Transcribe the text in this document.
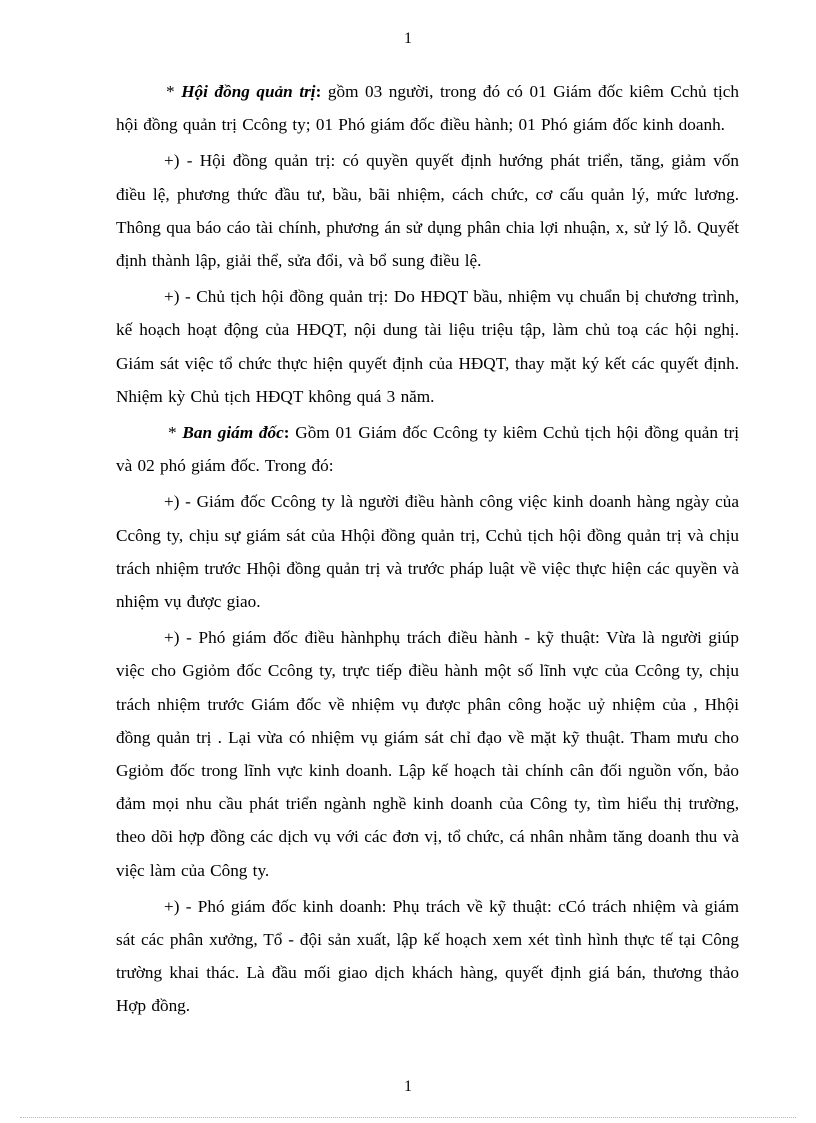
1

* Hội đồng quản trị: gồm 03 người, trong đó có 01 Giám đốc kiêm Cchủ tịch hội đồng quản trị Ccông ty; 01 Phó giám đốc điều hành; 01 Phó giám đốc kinh doanh.

+) - Hội đồng quản trị: có quyền quyết định hướng phát triển, tăng, giảm vốn điều lệ, phương thức đầu tư, bầu, bãi nhiệm, cách chức, cơ cấu quản lý, mức lương. Thông qua báo cáo tài chính, phương án sử dụng phân chia lợi nhuận, x, sử lý lỗ. Quyết định thành lập, giải thể, sửa đổi, và bổ sung điều lệ.

+) - Chủ tịch hội đồng quản trị: Do HĐQT bầu, nhiệm vụ chuẩn bị chương trình, kế hoạch hoạt động của HĐQT, nội dung tài liệu triệu tập, làm chủ toạ các hội nghị. Giám sát việc tổ chức thực hiện quyết định của HĐQT, thay mặt ký kết các quyết định. Nhiệm kỳ Chủ tịch HĐQT không quá 3 năm.

* Ban giám đốc: Gồm 01 Giám đốc Ccông ty kiêm Cchủ tịch hội đồng quản trị và 02 phó giám đốc. Trong đó:

+) - Giám đốc Ccông ty là người điều hành công việc kinh doanh hàng ngày của Ccông ty, chịu sự giám sát của Hhội đồng quản trị, Cchủ tịch hội đồng quản trị và chịu trách nhiệm trước Hhội đồng quản trị và trước pháp luật về việc thực hiện các quyền và nhiệm vụ được giao.

+) - Phó giám đốc điều hànhphụ trách điều hành - kỹ thuật: Vừa là người giúp việc cho Ggiỏm đốc Ccông ty, trực tiếp điều hành một số lĩnh vực của Ccông ty, chịu trách nhiệm trước Giám đốc về nhiệm vụ được phân công hoặc uỷ nhiệm của , Hhội đồng quản trị . Lại vừa có nhiệm vụ giám sát chỉ đạo về mặt kỹ thuật. Tham mưu cho Ggiỏm đốc trong lĩnh vực kinh doanh. Lập kế hoạch tài chính cân đối nguồn vốn, bảo đảm mọi nhu cầu phát triển ngành nghề kinh doanh của Công ty, tìm hiểu thị trường, theo dõi hợp đồng các dịch vụ với các đơn vị, tổ chức, cá nhân nhằm tăng doanh thu và việc làm của Công ty.

+) - Phó giám đốc kinh doanh: Phụ trách về kỹ thuật: cCó trách nhiệm và giám sát các phân xưởng, Tổ - đội sản xuất, lập kế hoạch xem xét tình hình thực tế tại Công trường khai thác. Là đầu mối giao dịch khách hàng, quyết định giá bán, thương thảo Hợp đồng.

1
